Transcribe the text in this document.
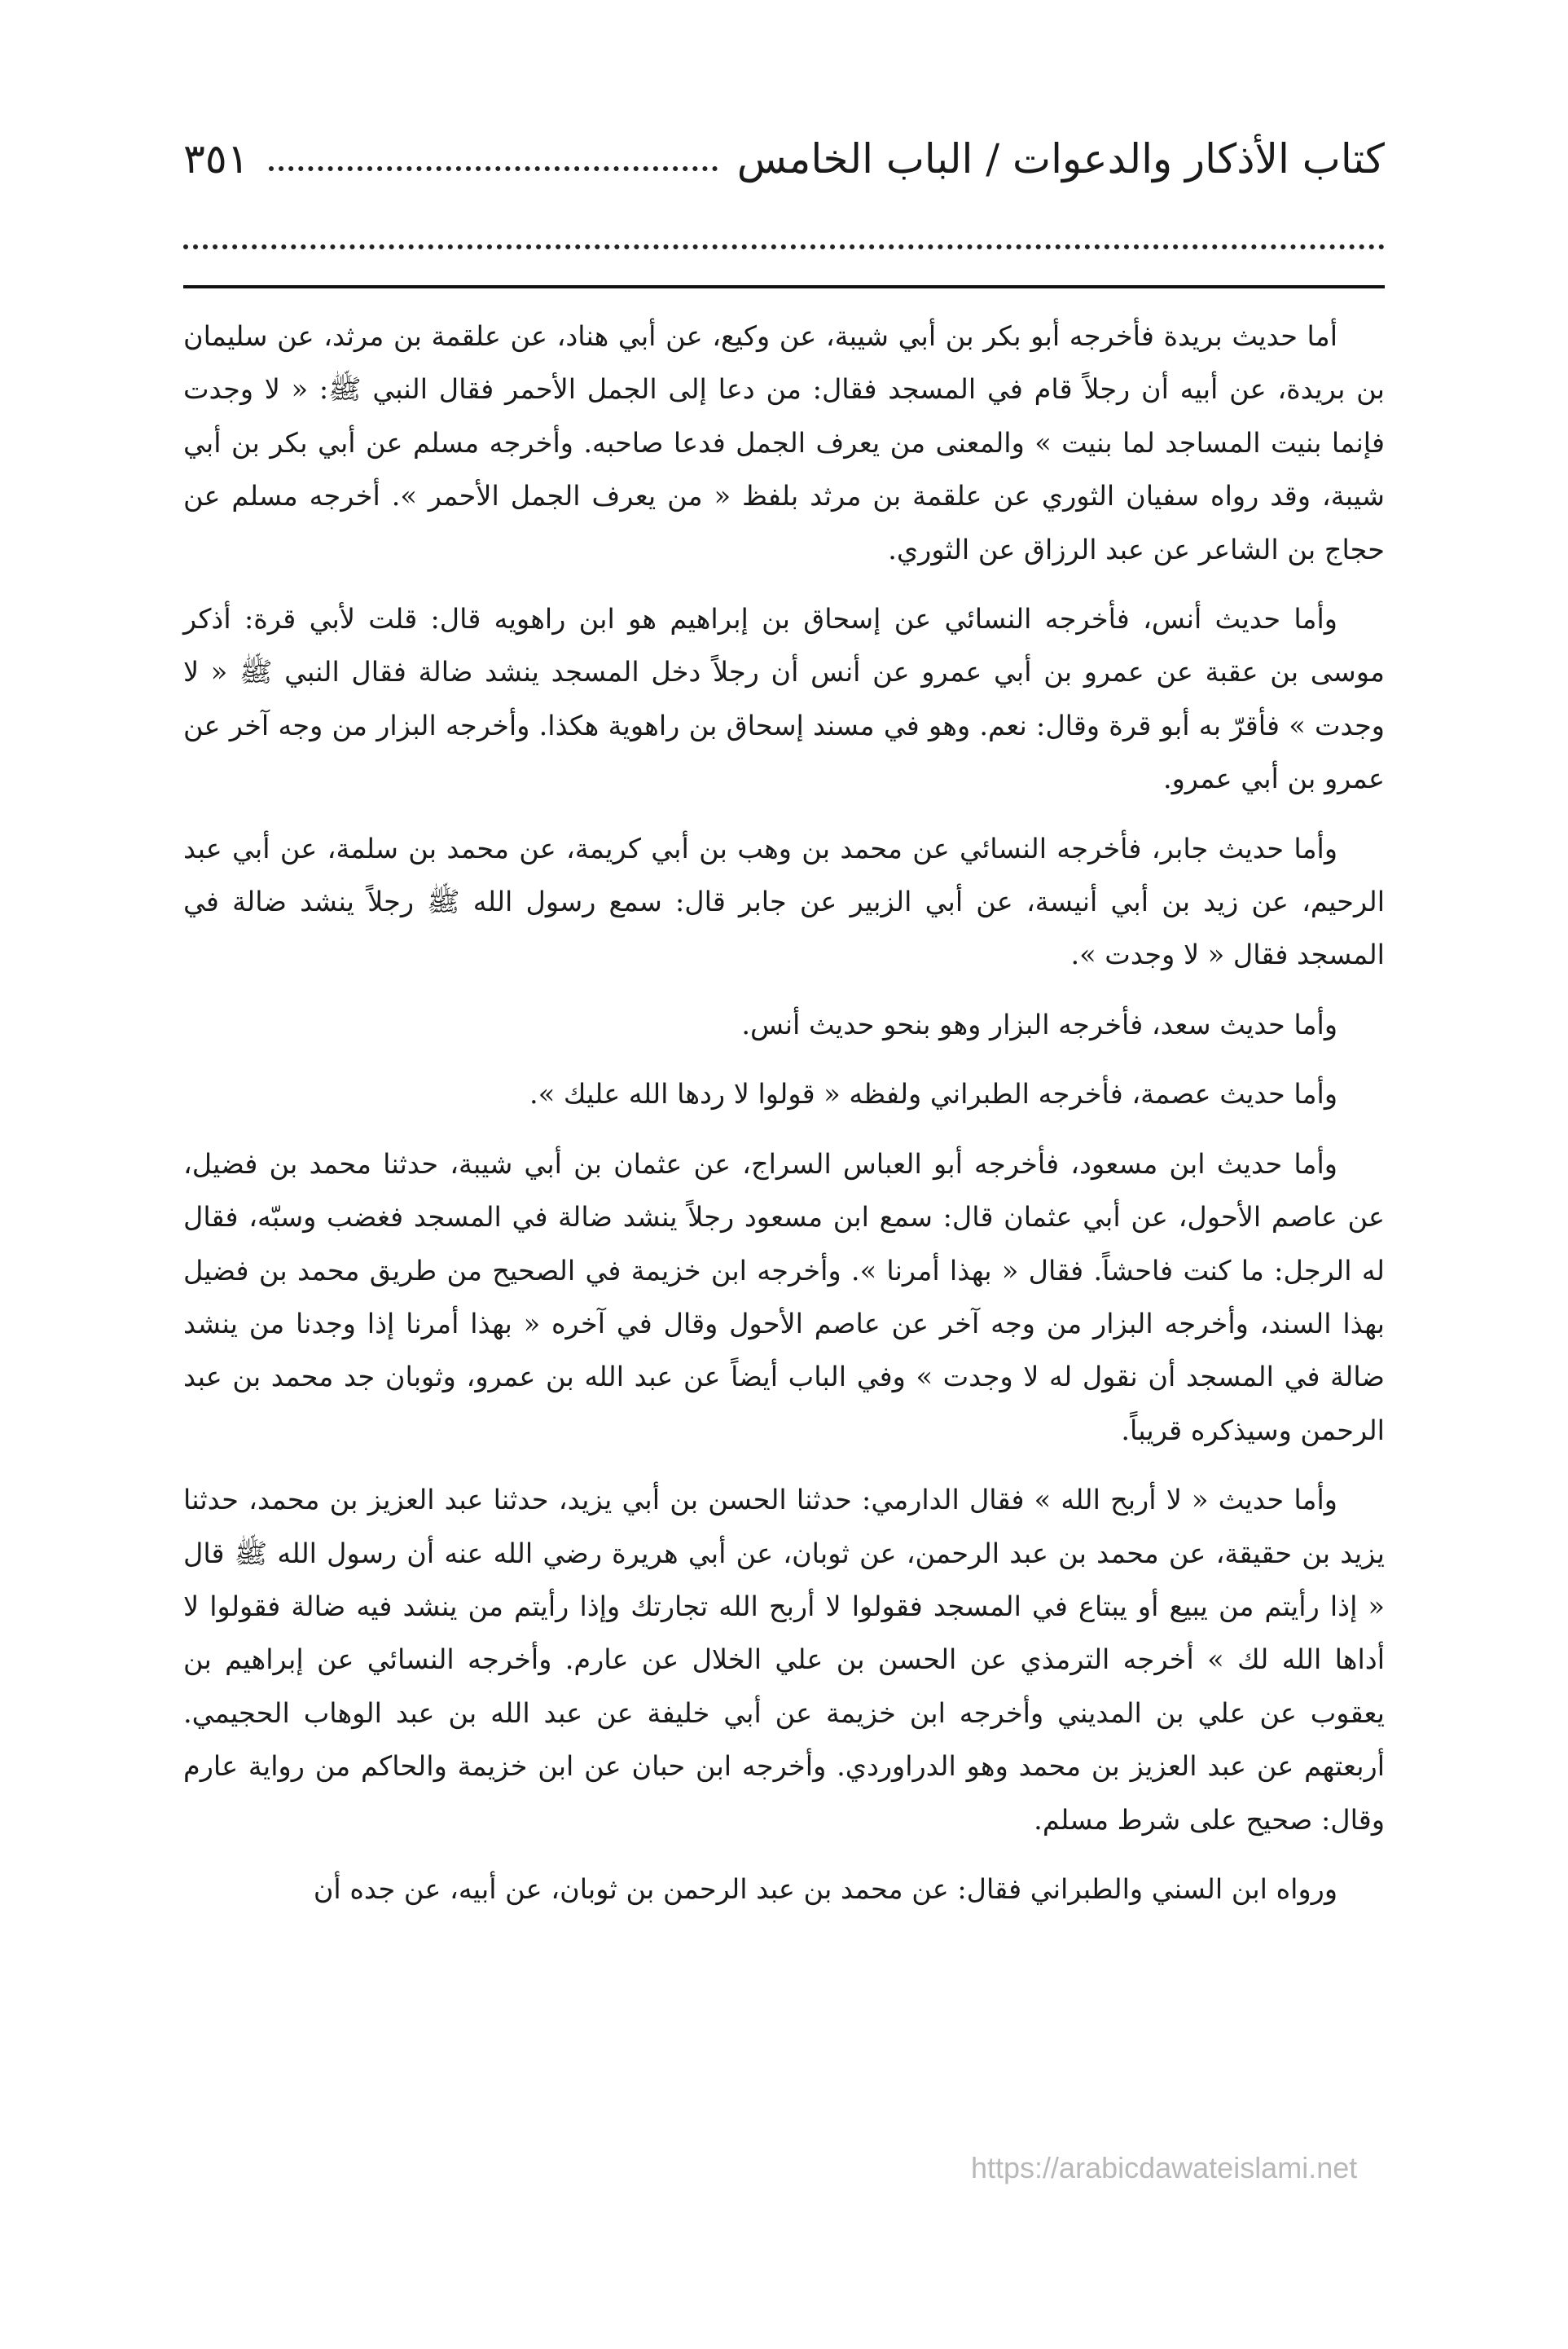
كتاب الأذكار والدعوات / الباب الخامس
٣٥١

أما حديث بريدة فأخرجه أبو بكر بن أبي شيبة، عن وكيع، عن أبي هناد، عن علقمة بن مرثد، عن سليمان بن بريدة، عن أبيه أن رجلاً قام في المسجد فقال: من دعا إلى الجمل الأحمر فقال النبي ﷺ: « لا وجدت فإنما بنيت المساجد لما بنيت » والمعنى من يعرف الجمل فدعا صاحبه. وأخرجه مسلم عن أبي بكر بن أبي شيبة، وقد رواه سفيان الثوري عن علقمة بن مرثد بلفظ « من يعرف الجمل الأحمر ». أخرجه مسلم عن حجاج بن الشاعر عن عبد الرزاق عن الثوري.

وأما حديث أنس، فأخرجه النسائي عن إسحاق بن إبراهيم هو ابن راهويه قال: قلت لأبي قرة: أذكر موسى بن عقبة عن عمرو بن أبي عمرو عن أنس أن رجلاً دخل المسجد ينشد ضالة فقال النبي ﷺ « لا وجدت » فأقرّ به أبو قرة وقال: نعم. وهو في مسند إسحاق بن راهوية هكذا. وأخرجه البزار من وجه آخر عن عمرو بن أبي عمرو.

وأما حديث جابر، فأخرجه النسائي عن محمد بن وهب بن أبي كريمة، عن محمد بن سلمة، عن أبي عبد الرحيم، عن زيد بن أبي أنيسة، عن أبي الزبير عن جابر قال: سمع رسول الله ﷺ رجلاً ينشد ضالة في المسجد فقال « لا وجدت ».

وأما حديث سعد، فأخرجه البزار وهو بنحو حديث أنس.

وأما حديث عصمة، فأخرجه الطبراني ولفظه « قولوا لا ردها الله عليك ».

وأما حديث ابن مسعود، فأخرجه أبو العباس السراج، عن عثمان بن أبي شيبة، حدثنا محمد بن فضيل، عن عاصم الأحول، عن أبي عثمان قال: سمع ابن مسعود رجلاً ينشد ضالة في المسجد فغضب وسبّه، فقال له الرجل: ما كنت فاحشاً. فقال « بهذا أمرنا ». وأخرجه ابن خزيمة في الصحيح من طريق محمد بن فضيل بهذا السند، وأخرجه البزار من وجه آخر عن عاصم الأحول وقال في آخره « بهذا أمرنا إذا وجدنا من ينشد ضالة في المسجد أن نقول له لا وجدت » وفي الباب أيضاً عن عبد الله بن عمرو، وثوبان جد محمد بن عبد الرحمن وسيذكره قريباً.

وأما حديث « لا أربح الله » فقال الدارمي: حدثنا الحسن بن أبي يزيد، حدثنا عبد العزيز بن محمد، حدثنا يزيد بن حقيقة، عن محمد بن عبد الرحمن، عن ثوبان، عن أبي هريرة رضي الله عنه أن رسول الله ﷺ قال « إذا رأيتم من يبيع أو يبتاع في المسجد فقولوا لا أربح الله تجارتك وإذا رأيتم من ينشد فيه ضالة فقولوا لا أداها الله لك » أخرجه الترمذي عن الحسن بن علي الخلال عن عارم. وأخرجه النسائي عن إبراهيم بن يعقوب عن علي بن المديني وأخرجه ابن خزيمة عن أبي خليفة عن عبد الله بن عبد الوهاب الحجيمي. أربعتهم عن عبد العزيز بن محمد وهو الدراوردي. وأخرجه ابن حبان عن ابن خزيمة والحاكم من رواية عارم وقال: صحيح على شرط مسلم.

ورواه ابن السني والطبراني فقال: عن محمد بن عبد الرحمن بن ثوبان، عن أبيه، عن جده أن

https://arabicdawateislami.net
